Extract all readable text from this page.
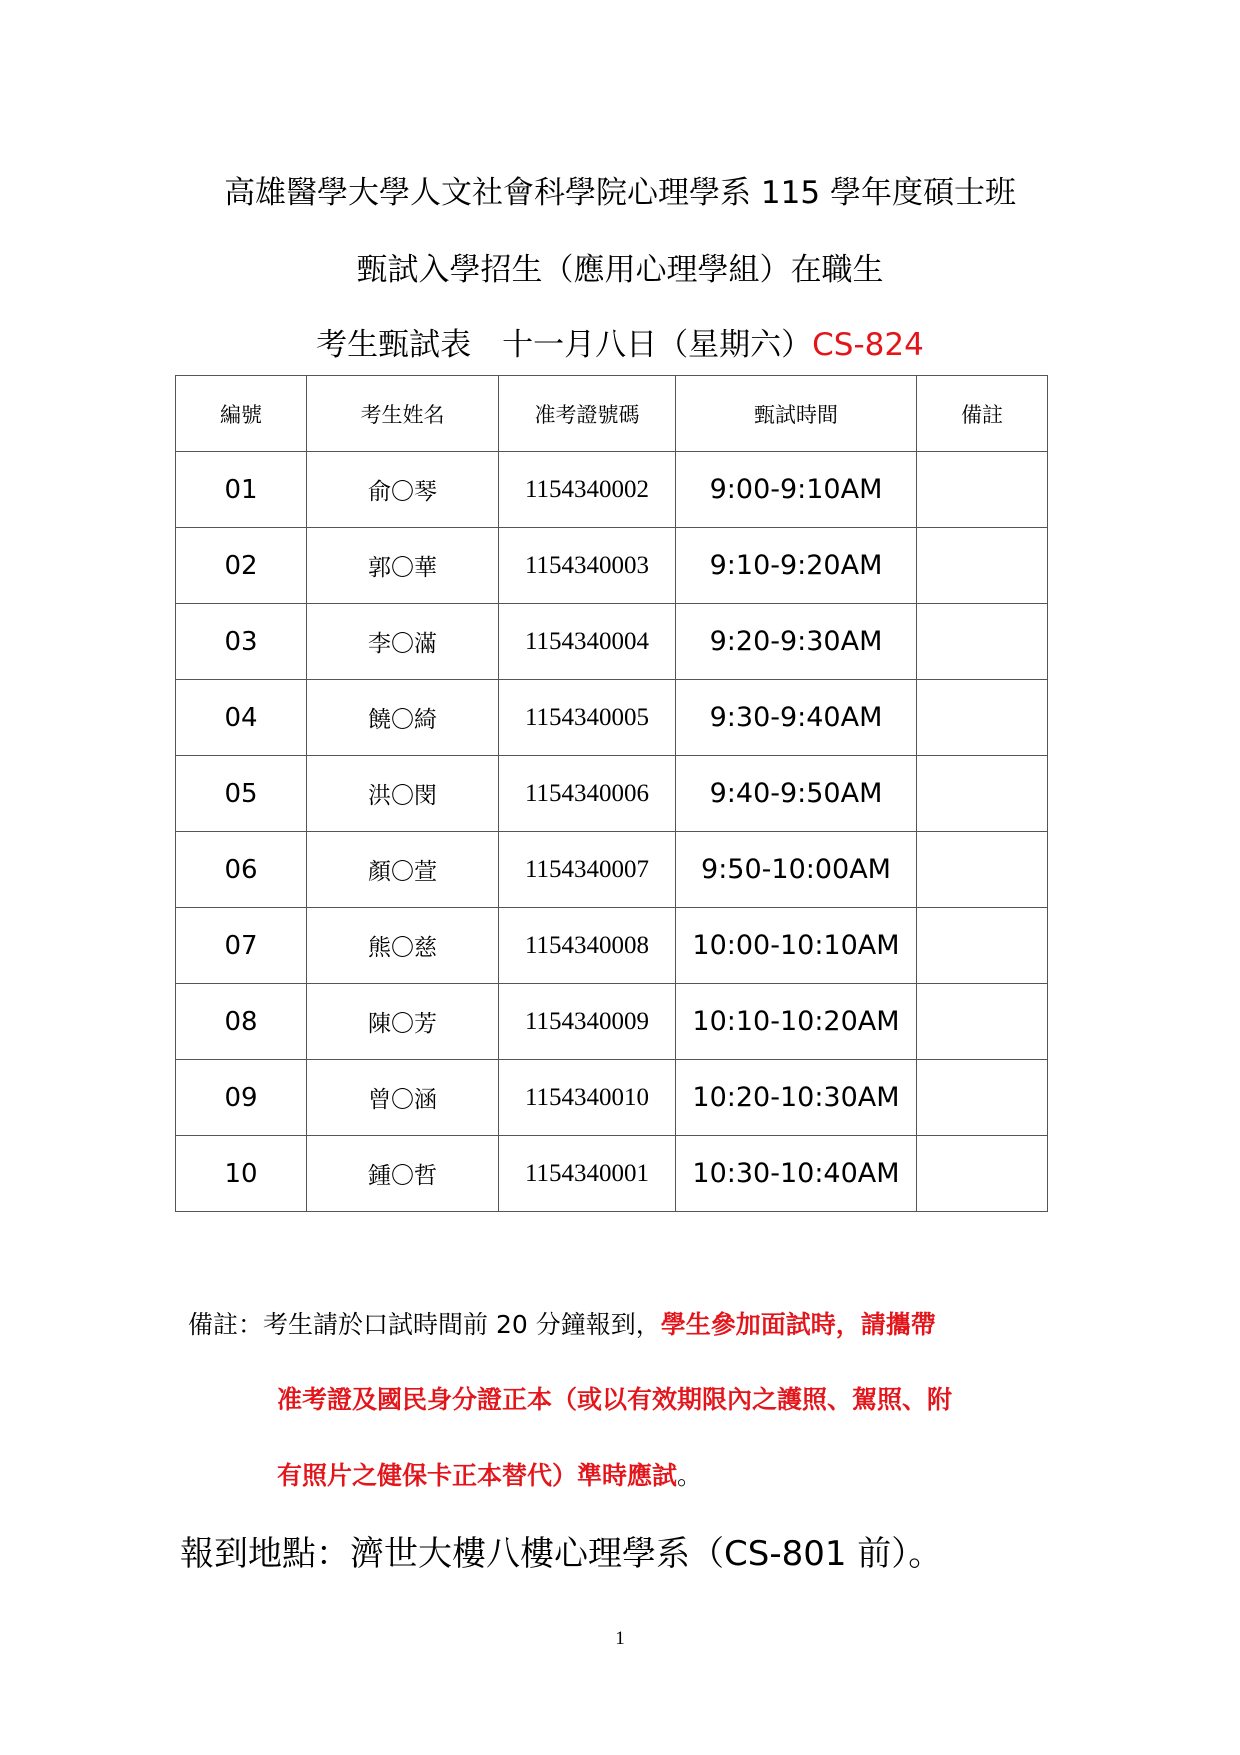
高雄醫學大學人文社會科學院心理學系 115 學年度碩士班
甄試入學招生（應用心理學組）在職生
考生甄試表　十一月八日（星期六）CS-824
編號	考生姓名	准考證號碼	甄試時間	備註
01	俞〇琴	1154340002	9:00-9:10AM	
02	郭〇華	1154340003	9:10-9:20AM	
03	李〇滿	1154340004	9:20-9:30AM	
04	饒〇綺	1154340005	9:30-9:40AM	
05	洪〇閔	1154340006	9:40-9:50AM	
06	顏〇萱	1154340007	9:50-10:00AM	
07	熊〇慈	1154340008	10:00-10:10AM	
08	陳〇芳	1154340009	10:10-10:20AM	
09	曾〇涵	1154340010	10:20-10:30AM	
10	鍾〇哲	1154340001	10:30-10:40AM	
備註：考生請於口試時間前 20 分鐘報到，學生參加面試時，請攜帶
准考證及國民身分證正本（或以有效期限內之護照、駕照、附
有照片之健保卡正本替代）準時應試。
報到地點：濟世大樓八樓心理學系（CS-801 前）。
1
